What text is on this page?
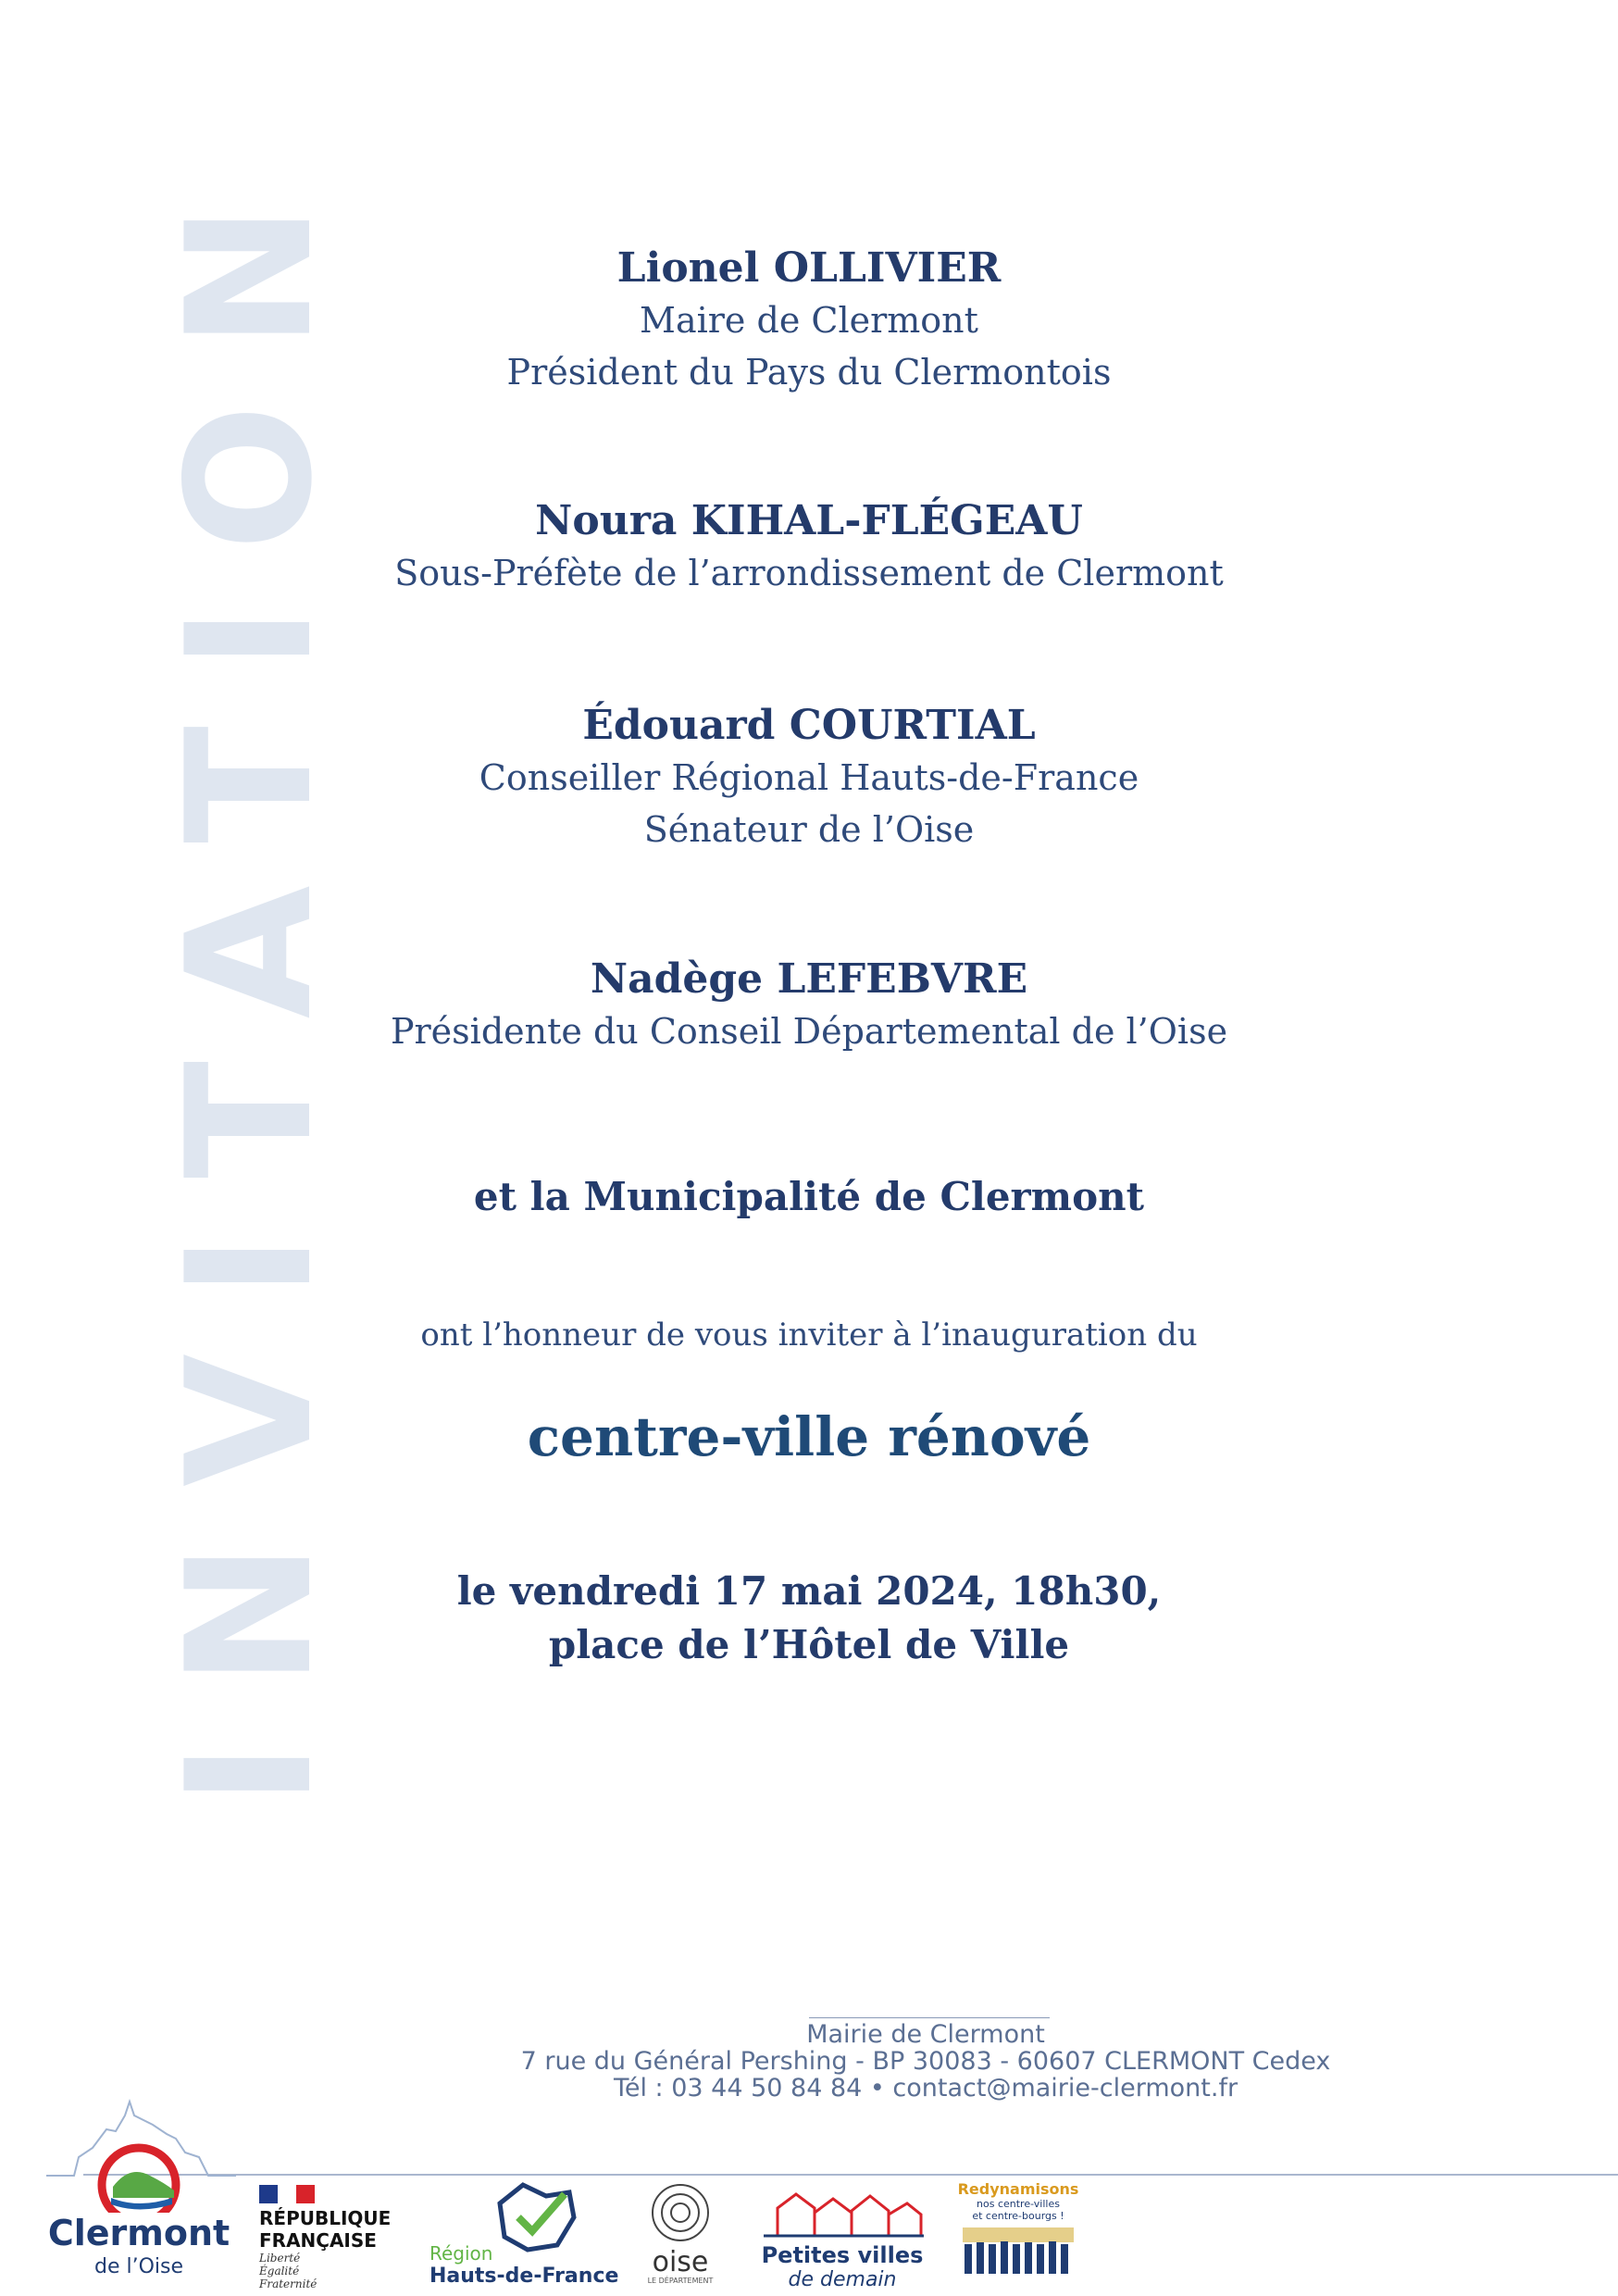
INVITATION	Lionel OLLIVIER
Maire de Clermont
Président du Pays du Clermontois
Noura KIHAL-FLÉGEAU
Sous-Préfète de l’arrondissement de Clermont
Édouard COURTIAL
Conseiller Régional Hauts-de-France
Sénateur de l’Oise
Nadège LEFEBVRE
Présidente du Conseil Départemental de l’Oise
et la Municipalité de Clermont
ont l’honneur de vous inviter à l’inauguration du
centre-ville rénové
le vendredi 17 mai 2024, 18h30,
place de l’Hôtel de Ville
Mairie de Clermont
7 rue du Général Pershing - BP 30083 - 60607 CLERMONT Cedex
Tél : 03 44 50 84 84 • contact@mairie-clermont.fr
Clermont
de l’Oise
RÉPUBLIQUE
FRANÇAISE
Liberté
Égalité
Fraternité
Région
Hauts-de-France	oise
LE DÉPARTEMENT
Petites villes
de demain
Redynamisons
nos centre-villes
et centre-bourgs !
